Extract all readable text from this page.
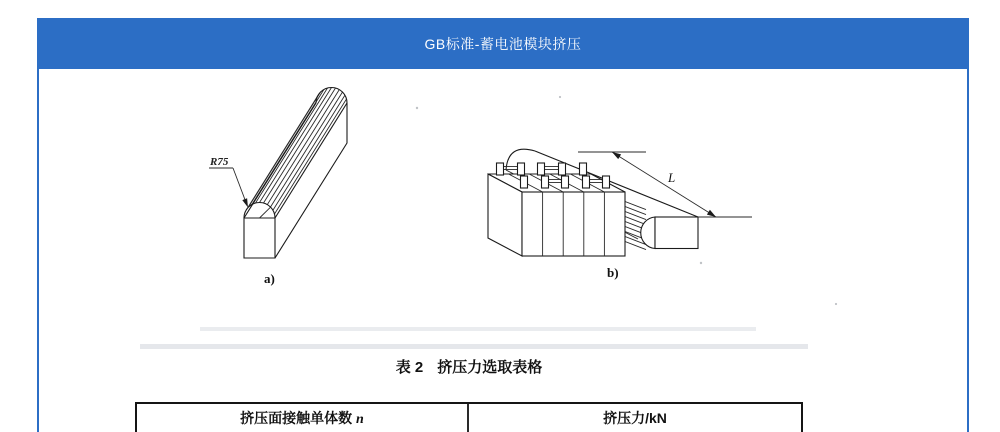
GB标准-蓄电池模块挤压
R75
a)
L
b)
表 2 挤压力选取表格
挤压面接触单体数 n	挤压力/kN
